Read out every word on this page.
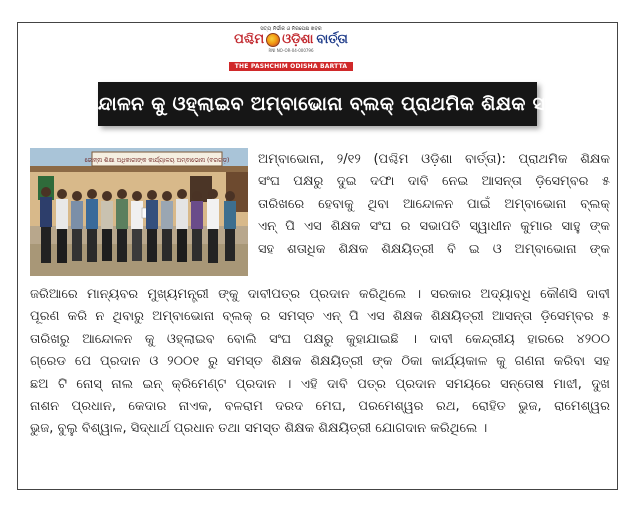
ସତ୍ୟ ନିର୍ଭୀକ ଓ ନିରପେକ୍ଷ ଖବର
ପଶ୍ଚିମ ଓଡ଼ିଶା ବାର୍ତ୍ତା
RNI NO-OR-04-000796
THE PASHCHIM ODISHA BARTTA
ଆନ୍ଦୋଳନ କୁ ଓହ୍ଲାଇବ ଅମ୍ବାଭୋନା ବ୍ଲକ୍ ପ୍ରାଥମିକ ଶିକ୍ଷକ ସଂଘ
ଜୋନ୍ନା ଶିକ୍ଷା ଅଧିକାରୀଙ୍କ କାର୍ଯ୍ୟାଳୟ ଅମ୍ବାଭୋନା (ବରଗଡ଼) ଅମ୍ବାଭୋନା, ୨/୧୨ (ପଶ୍ଚିମ ଓଡ଼ିଶା ବାର୍ତ୍ତା): ପ୍ରାଥମିକ ଶିକ୍ଷକ
ସଂଘ ପକ୍ଷରୁ ଦୁଇ ଦଫା ଦାବି ନେଇ ଆସନ୍ତା ଡ଼ିସେମ୍ବର ୫
ତାରିଖରେ ହେବାକୁ ଥିବା ଆନ୍ଦୋଳନ ପାଇଁ ଅମ୍ବାଭୋନା ବ୍ଲକ୍
ଏନ୍ ପି ଏସ ଶିକ୍ଷକ ସଂଘ ର ସଭାପତି ସ୍ୱାଧୀନ କୁମାର ସାହୁ ଙ୍କ
ସହ ଶତାଧିକ ଶିକ୍ଷକ ଶିକ୍ଷୟିତ୍ରୀ ବି ଇ ଓ ଅମ୍ବାଭୋନା ଙ୍କ
ଜରିଆରେ ମାନ୍ୟବର ମୁଖ୍ୟମନ୍ତ୍ରୀ ଙ୍କୁ ଦାବୀପତ୍ର ପ୍ରଦାନ କରିଥିଲେ । ସରକାର ଅଦ୍ୟାବଧି କୌଣସି ଦାବୀ
ପୂରଣ କରି ନ ଥିବାରୁ ଅମ୍ବାଭୋନା ବ୍ଲକ୍ ର ସମସ୍ତ ଏନ୍ ପି ଏସ ଶିକ୍ଷକ ଶିକ୍ଷୟିତ୍ରୀ ଆସନ୍ତା ଡ଼ିସେମ୍ବର ୫
ତାରିଖରୁ ଆନ୍ଦୋଳନ କୁ ଓହ୍ଲାଇବ ବୋଲି ସଂଘ ପକ୍ଷରୁ କୁହାଯାଇଛି । ଦାବୀ କେନ୍ଦ୍ରୀୟ ହାରରେ ୪୨୦୦
ଗ୍ରେଡ ପେ ପ୍ରଦାନ ଓ ୨୦୦୧ ରୁ ସମସ୍ତ ଶିକ୍ଷକ ଶିକ୍ଷୟିତ୍ରୀ ଙ୍କ ଠିକା କାର୍ଯ୍ୟକାଳ କୁ ଗଣନା କରିବା ସହ
ଛଅ ଟି ନୋସ୍ ନାଲ ଇନ୍ କ୍ରିମେଣ୍ଟ ପ୍ରଦାନ । ଏହି ଦାବି ପତ୍ର ପ୍ରଦାନ ସମୟରେ ସନ୍ତୋଷ ମାଝୀ, ଦୁଖ
ନାଶନ ପ୍ରଧାନ, କେଦାର ନାଏକ, ବଳରାମ ଦରଦ ମେଘ, ପରମେଶ୍ୱର ରଥ, ରୋହିତ ଭୁଜ, ରାମେଶ୍ୱର
ଭୁଜ, ବୁଲୁ ବିଶ୍ୱାଳ, ସିଦ୍ଧାର୍ଥ ପ୍ରଧାନ ତଥା ସମସ୍ତ ଶିକ୍ଷକ ଶିକ୍ଷୟିତ୍ରୀ ଯୋଗଦାନ କରିଥିଲେ ।
